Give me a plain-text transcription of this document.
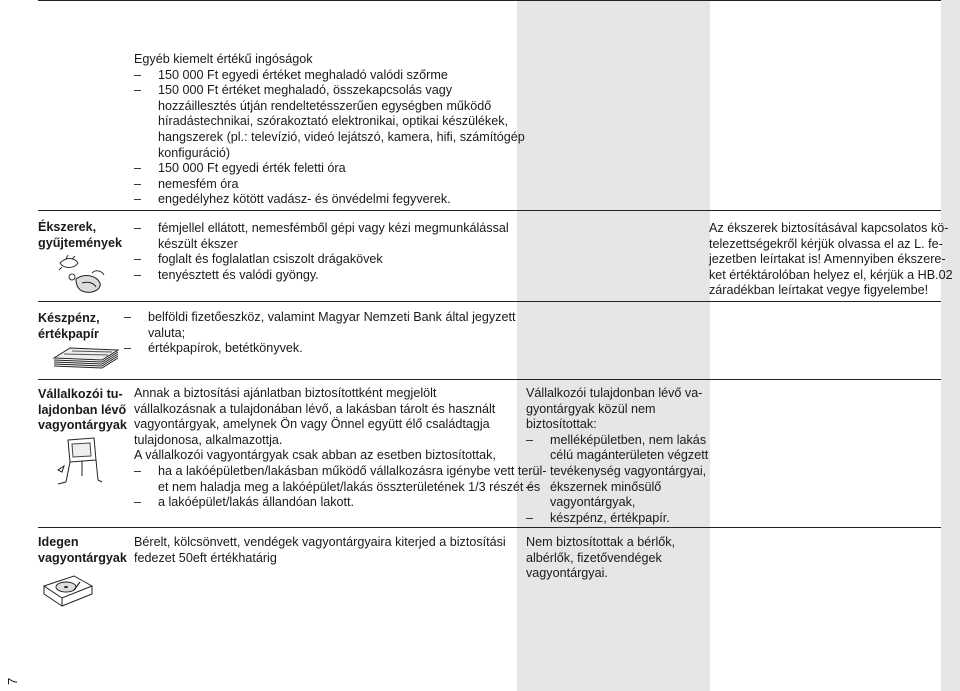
Egyéb kiemelt értékű ingóságok
– 150 000 Ft egyedi értéket meghaladó valódi szőrme
– 150 000 Ft értéket meghaladó, összekapcsolás vagy
hozzáillesztés útján rendeltetésszerűen egységben működő
híradástechnikai, szórakoztató elektronikai, optikai készülékek,
hangszerek (pl.: televízió, videó lejátszó, kamera, hifi, számítógép
konfiguráció)
– 150 000 Ft egyedi érték feletti óra
– nemesfém óra
– engedélyhez kötött vadász- és önvédelmi fegyverek.
Ékszerek,
gyűjtemények
– fémjellel ellátott, nemesfémből gépi vagy kézi megmunkálással
készült ékszer
– foglalt és foglalatlan csiszolt drágakövek
– tenyésztett és valódi gyöngy.
Az ékszerek biztosításával kapcsolatos kö-
telezettségekről kérjük olvassa el az L. fe-
jezetben leírtakat is! Amennyiben ékszere-
ket értéktárolóban helyez el, kérjük a HB.02
záradékban leírtakat vegye figyelembe!
Készpénz,
értékpapír
– belföldi fizetőeszköz, valamint Magyar Nemzeti Bank által jegyzett
valuta;
– értékpapírok, betétkönyvek.
Vállalkozói tu-
lajdonban lévő
vagyontárgyak
Annak a biztosítási ajánlatban biztosítottként megjelölt
vállalkozásnak a tulajdonában lévő, a lakásban tárolt és használt
vagyontárgyak, amelynek Ön vagy Önnel együtt élő családtagja
tulajdonosa, alkalmazottja.
A vállalkozói vagyontárgyak csak abban az esetben biztosítottak,
– ha a lakóépületben/lakásban működő vállalkozásra igénybe vett terül-
et nem haladja meg a lakóépület/lakás összterületének 1/3 részét és
– a lakóépület/lakás állandóan lakott.
Vállalkozói tulajdonban lévő va-
gyontárgyak közül nem
biztosítottak:
– melléképületben, nem lakás
célú magánterületen végzett
tevékenység vagyontárgyai,
– ékszernek minősülő
vagyontárgyak,
– készpénz, értékpapír.
Idegen
vagyontárgyak
Bérelt, kölcsönvett, vendégek vagyontárgyaira kiterjed a biztosítási
fedezet 50eft értékhatárig
Nem biztosítottak a bérlők,
albérlők, fizetővendégek
vagyontárgyai.
7
